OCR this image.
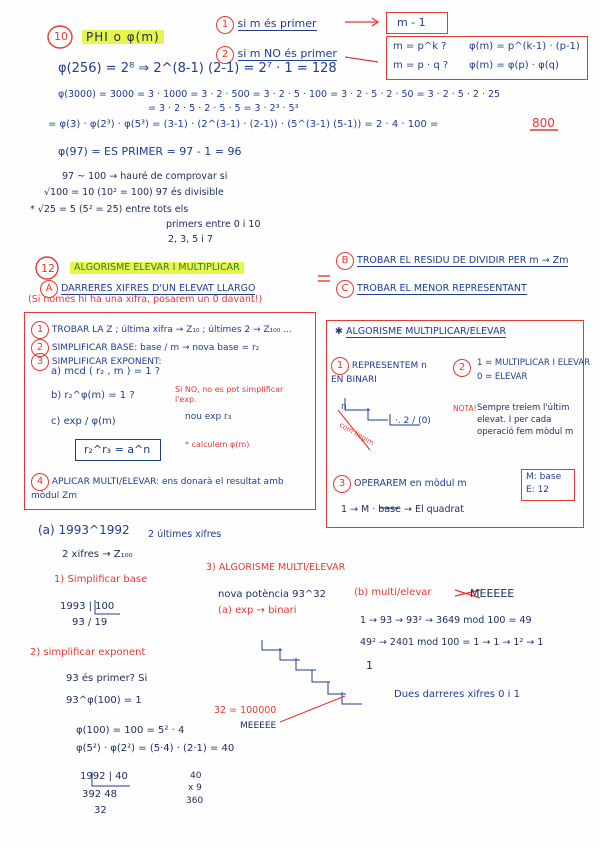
10	PHI o φ(m)
1 si m és primer	m - 1
2 si m NO és primer
m = p^k ? φ(m) = p^(k-1) · (p-1)
m = p · q ? φ(m) = φ(p) · φ(q)
φ(256) = 2⁸ ⇒ 2^(8-1) (2-1) = 2⁷ · 1 = 128
φ(3000) = 3000 = 3 · 1000 = 3 · 2 · 500 = 3 · 2 · 5 · 100 = 3 · 2 · 5 · 2 · 50 = 3 · 2 · 5 · 2 · 25
= 3 · 2 · 5 · 2 · 5 · 5 = 3 · 2³ · 5³
= φ(3) · φ(2³) · φ(5³) = (3-1) · (2^(3-1) · (2-1)) · (5^(3-1) (5-1)) = 2 · 4 · 100 =	800
φ(97) = ES PRIMER = 97 - 1 = 96
97 ~ 100 → hauré de comprovar si
√100 = 10 (10² = 100) 97 és divisible
* √25 = 5 (5² = 25) entre tots els
primers entre 0 i 10
2, 3, 5 i 7
12	ALGORISME ELEVAR I MULTIPLICAR
A DARRERES XIFRES D'UN ELEVAT LLARGO
(Si només hi ha una xifra, posarem un 0 davant!)
B TROBAR EL RESIDU DE DIVIDIR PER m → Zm
C TROBAR EL MENOR REPRESENTANT
1 TROBAR LA Z ; última xifra → Z₁₀ ; últimes 2 → Z₁₀₀ ...
2 SIMPLIFICAR BASE: base / m → nova base = r₂
3 SIMPLIFICAR EXPONENT:
a) mcd ( r₂ , m ) = 1 ?
b) r₂^φ(m) = 1 ?
Si NO, no es pot simplificar l'exp.
c) exp / φ(m)	nou exp r₃
r₂^r₃ = a^n	* calculem φ(m)
4 APLICAR MULTI/ELEVAR: ens donarà el resultat amb mòdul Zm
✱ ALGORISME MULTIPLICAR/ELEVAR
1 REPRESENTEM n EN BINARI
2	1 = MULTIPLICAR I ELEVAR
0 = ELEVAR
NOTA! Sempre treiem l'últim elevat. I per cada operació fem mòdul m
com llegim
n
·. 2 / (0)
3 OPERAREM en mòdul m
M: base
E: 12
1 → M · base → El quadrat
(a) 1993^1992 2 últimes xifres
2 xifres → Z₁₀₀
1) Simplificar base
1993 | 100
93 / 19
2) simplificar exponent
93 és primer? Si
93^φ(100) = 1
φ(100) = 100 = 5² · 4
φ(5²) · φ(2²) = (5·4) · (2·1) = 40
1992 | 40
392 48
32
40
x 9
360
3) ALGORISME MULTI/ELEVAR
nova potència 93^32
(a) exp → binari
(b) multi/elevar	MEEEEE
1 → 93 → 93² → 3649 mod 100 = 49
49² → 2401 mod 100 = 1 → 1 → 1² → 1
1
32 = 100000
MEEEEE
Dues darreres xifres 0 i 1
